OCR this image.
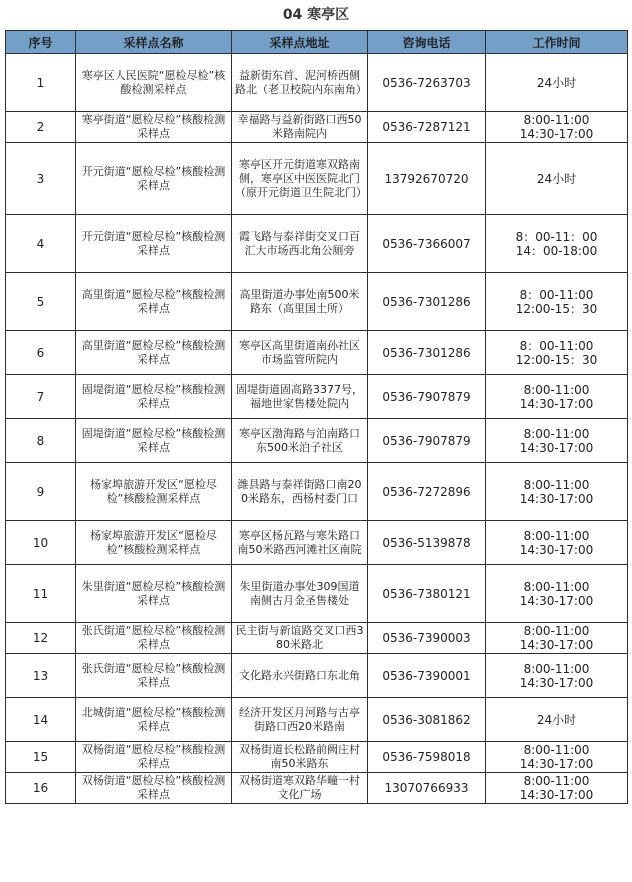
04 寒亭区
序号	采样点名称	采样点地址	咨询电话	工作时间
1	寒亭区人民医院“愿检尽检”核酸检测采样点	益新街东首、泥河桥西侧路北（老卫校院内东南角）	0536-7263703	24小时

2	寒亭街道“愿检尽检”核酸检测采样点	幸福路与益新街路口西50米路南院内	0536-7287121	8:00-11:00
14:30-17:00

3	开元街道“愿检尽检”核酸检测采样点	寒亭区开元街道寒双路南侧，寒亭区中医医院北门（原开元街道卫生院北门）	13792670720	24小时

4	开元街道“愿检尽检”核酸检测采样点	霞飞路与泰祥街交叉口百汇大市场西北角公厕旁	0536-7366007	8：00-11：00
14：00-18:00

5	高里街道“愿检尽检”核酸检测采样点	高里街道办事处南500米路东（高里国土所）	0536-7301286	8：00-11:00
12:00-15：30

6	高里街道“愿检尽检”核酸检测采样点	寒亭区高里街道南孙社区市场监管所院内	0536-7301286	8：00-11:00
12:00-15：30

7	固堤街道“愿检尽检”核酸检测采样点	固堤街道固高路3377号，福地世家售楼处院内	0536-7907879	8:00-11:00
14:30-17:00

8	固堤街道“愿检尽检”核酸检测采样点	寒亭区渤海路与泊南路口东500米泊子社区	0536-7907879	8:00-11:00
14:30-17:00

9	杨家埠旅游开发区“愿检尽检”核酸检测采样点	潍县路与泰祥街路口南200米路东，西杨村委门口	0536-7272896	8:00-11:00
14:30-17:00

10	杨家埠旅游开发区“愿检尽检”核酸检测采样点	寒亭区杨瓦路与寒朱路口南50米路西河滩社区南院	0536-5139878	8:00-11:00
14:30-17:00

11	朱里街道“愿检尽检”核酸检测采样点	朱里街道办事处309国道南侧古月金圣售楼处	0536-7380121	8:00-11:00
14:30-17:00

12	张氏街道“愿检尽检”核酸检测采样点	民主街与新谊路交叉口西380米路北	0536-7390003	8:00-11:00
14:30-17:00

13	张氏街道“愿检尽检”核酸检测采样点	文化路永兴街路口东北角	0536-7390001	8:00-11:00
14:30-17:00

14	北城街道“愿检尽检”核酸检测采样点	经济开发区月河路与古亭街路口西20米路南	0536-3081862	24小时

15	双杨街道“愿检尽检”核酸检测采样点	双杨街道长松路前阙庄村南50米路东	0536-7598018	8:00-11:00
14:30-17:00

16	双杨街道“愿检尽检”核酸检测采样点	双杨街道寒双路华疃一村文化广场	13070766933	8:00-11:00
14:30-17:00
